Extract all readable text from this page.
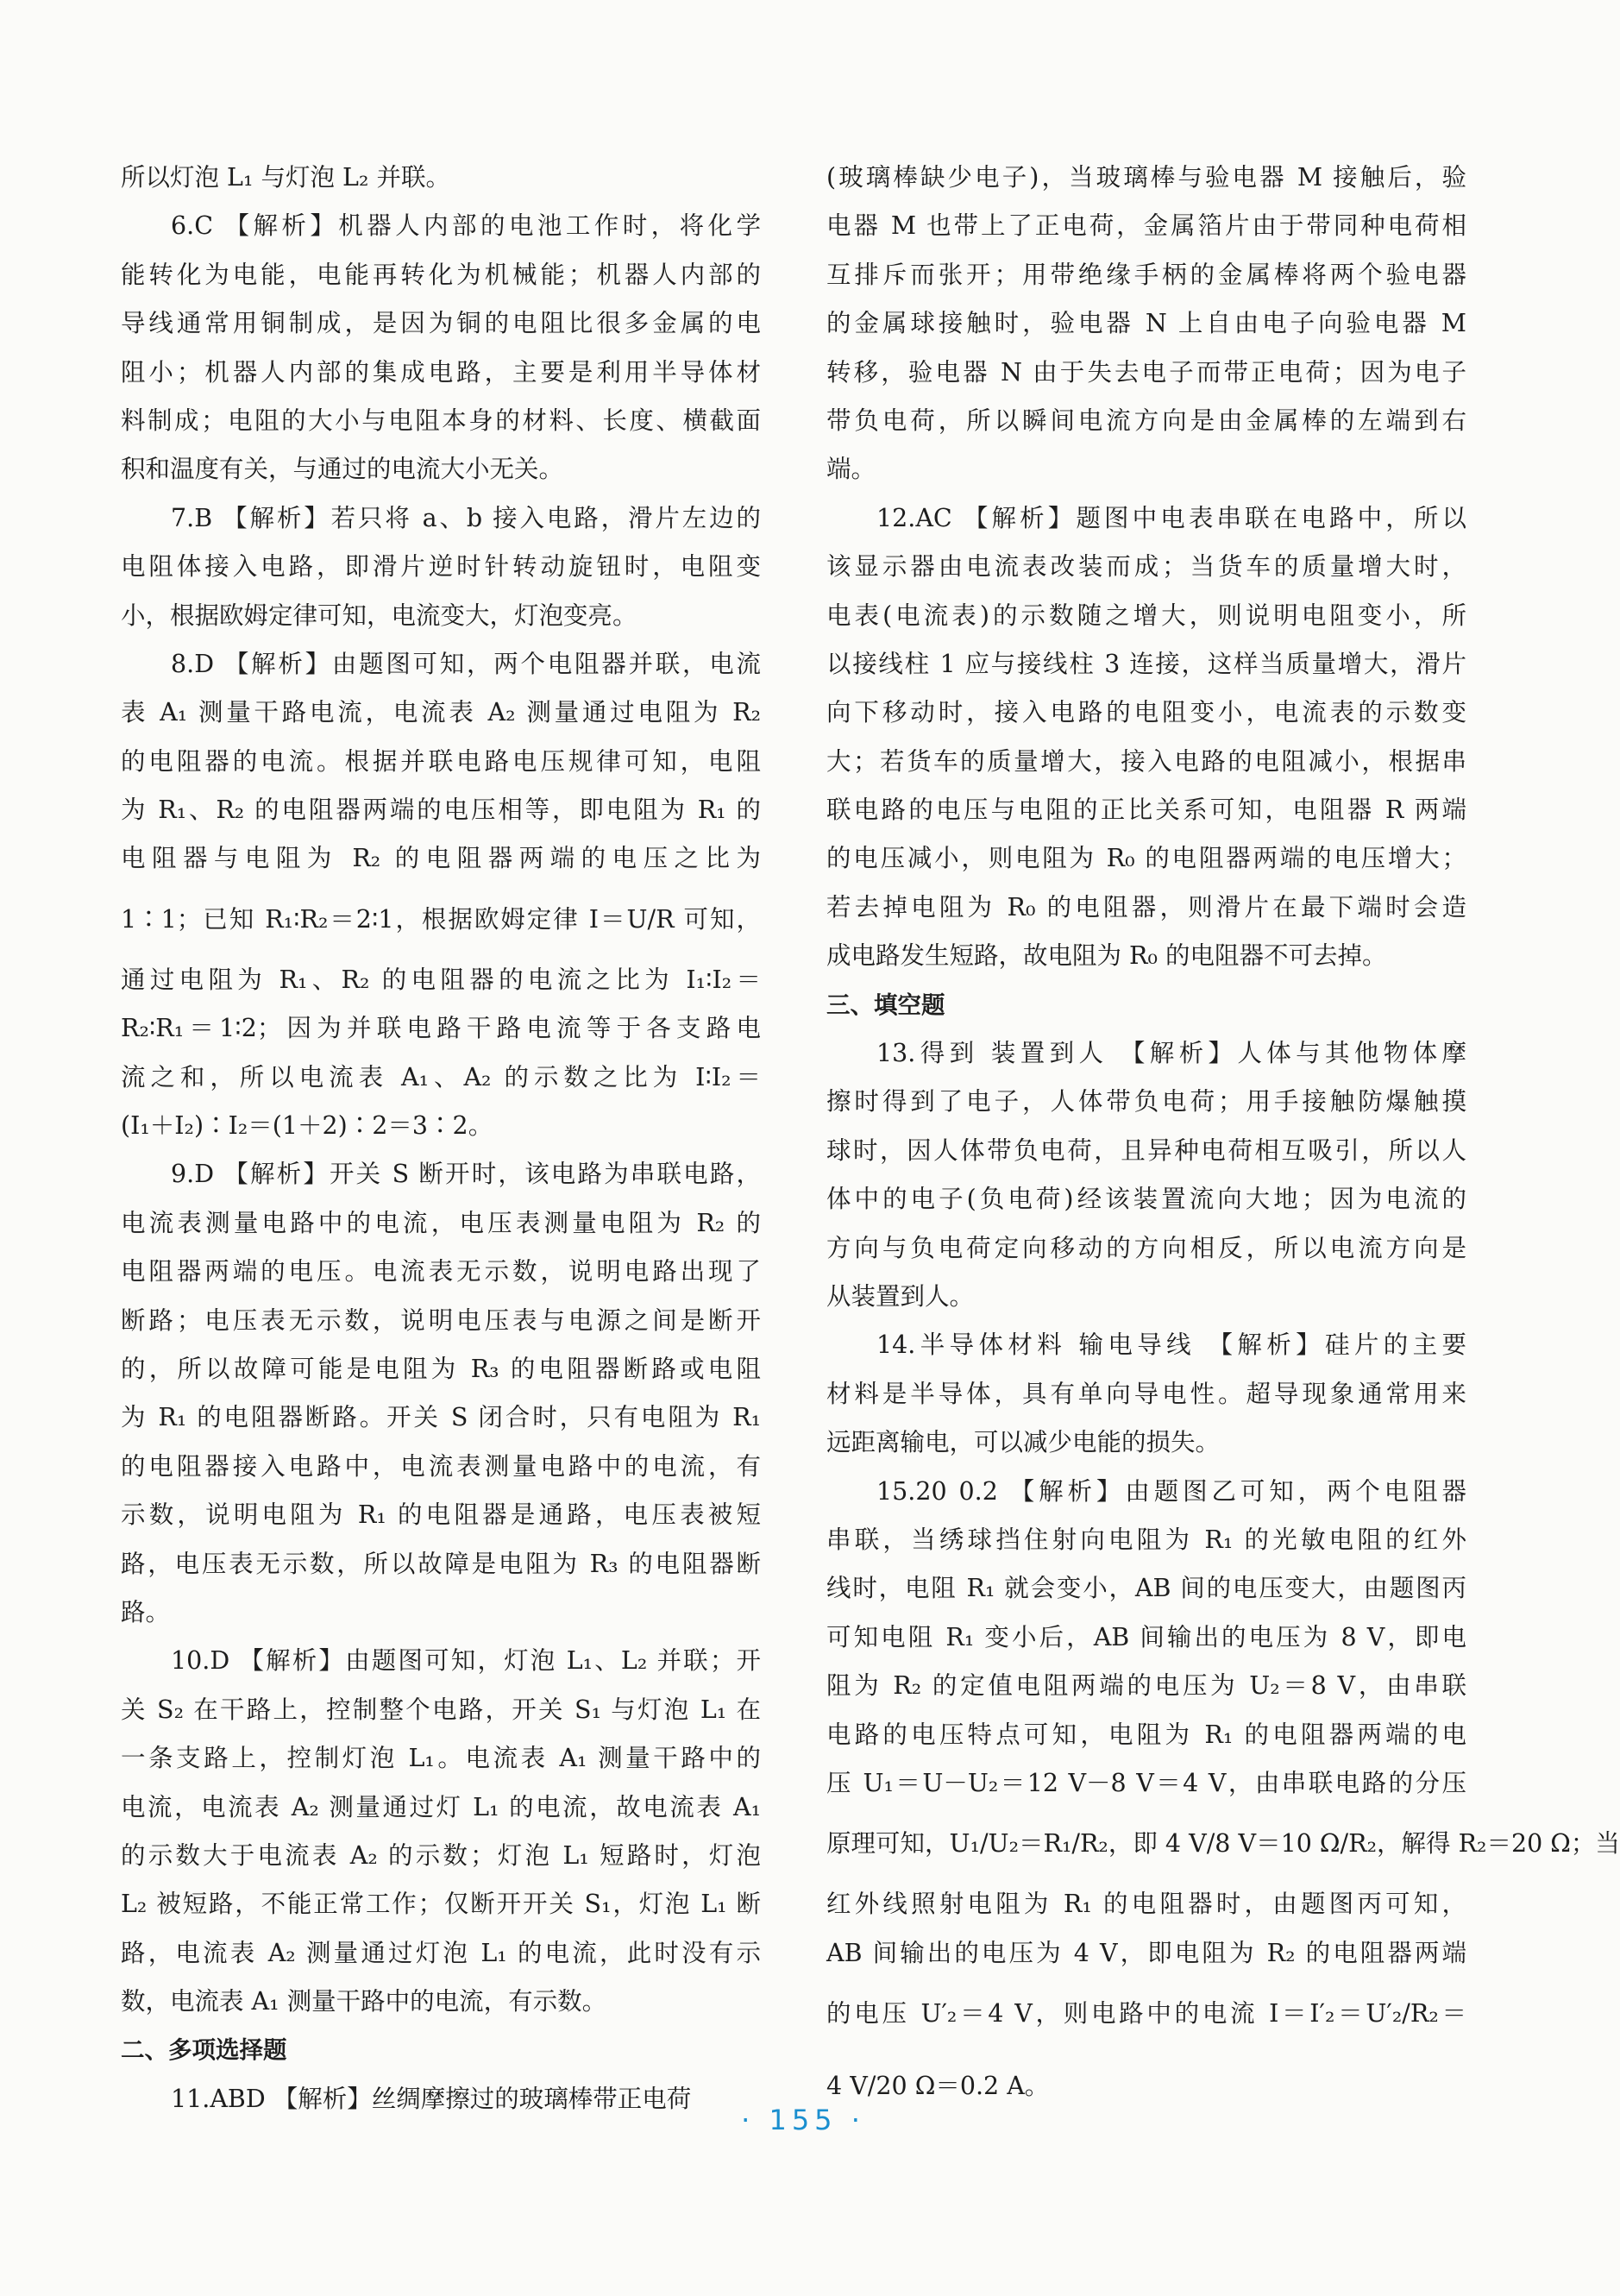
所以灯泡 L₁ 与灯泡 L₂ 并联。
6.C 【解析】机器人内部的电池工作时，将化学
能转化为电能，电能再转化为机械能；机器人内部的
导线通常用铜制成，是因为铜的电阻比很多金属的电
阻小；机器人内部的集成电路，主要是利用半导体材
料制成；电阻的大小与电阻本身的材料、长度、横截面
积和温度有关，与通过的电流大小无关。
7.B 【解析】若只将 a、b 接入电路，滑片左边的
电阻体接入电路，即滑片逆时针转动旋钮时，电阻变
小，根据欧姆定律可知，电流变大，灯泡变亮。
8.D 【解析】由题图可知，两个电阻器并联，电流
表 A₁ 测量干路电流，电流表 A₂ 测量通过电阻为 R₂
的电阻器的电流。根据并联电路电压规律可知，电阻
为 R₁、R₂ 的电阻器两端的电压相等，即电阻为 R₁ 的
电阻器与电阻为 R₂ 的电阻器两端的电压之比为
1∶1；已知 R₁∶R₂＝2∶1，根据欧姆定律 I＝U/R 可知，
通过电阻为 R₁、R₂ 的电阻器的电流之比为 I₁∶I₂＝
R₂∶R₁＝1∶2；因为并联电路干路电流等于各支路电
流之和，所以电流表 A₁、A₂ 的示数之比为 I∶I₂＝
(I₁＋I₂)∶I₂＝(1＋2)∶2＝3∶2。
9.D 【解析】开关 S 断开时，该电路为串联电路，
电流表测量电路中的电流，电压表测量电阻为 R₂ 的
电阻器两端的电压。电流表无示数，说明电路出现了
断路；电压表无示数，说明电压表与电源之间是断开
的，所以故障可能是电阻为 R₃ 的电阻器断路或电阻
为 R₁ 的电阻器断路。开关 S 闭合时，只有电阻为 R₁
的电阻器接入电路中，电流表测量电路中的电流，有
示数，说明电阻为 R₁ 的电阻器是通路，电压表被短
路，电压表无示数，所以故障是电阻为 R₃ 的电阻器断
路。
10.D 【解析】由题图可知，灯泡 L₁、L₂ 并联；开
关 S₂ 在干路上，控制整个电路，开关 S₁ 与灯泡 L₁ 在
一条支路上，控制灯泡 L₁。电流表 A₁ 测量干路中的
电流，电流表 A₂ 测量通过灯 L₁ 的电流，故电流表 A₁
的示数大于电流表 A₂ 的示数；灯泡 L₁ 短路时，灯泡
L₂ 被短路，不能正常工作；仅断开开关 S₁，灯泡 L₁ 断
路，电流表 A₂ 测量通过灯泡 L₁ 的电流，此时没有示
数，电流表 A₁ 测量干路中的电流，有示数。
二、多项选择题
11.ABD 【解析】丝绸摩擦过的玻璃棒带正电荷
(玻璃棒缺少电子)，当玻璃棒与验电器 M 接触后，验
电器 M 也带上了正电荷，金属箔片由于带同种电荷相
互排斥而张开；用带绝缘手柄的金属棒将两个验电器
的金属球接触时，验电器 N 上自由电子向验电器 M
转移，验电器 N 由于失去电子而带正电荷；因为电子
带负电荷，所以瞬间电流方向是由金属棒的左端到右
端。
12.AC 【解析】题图中电表串联在电路中，所以
该显示器由电流表改装而成；当货车的质量增大时，
电表(电流表)的示数随之增大，则说明电阻变小，所
以接线柱 1 应与接线柱 3 连接，这样当质量增大，滑片
向下移动时，接入电路的电阻变小，电流表的示数变
大；若货车的质量增大，接入电路的电阻减小，根据串
联电路的电压与电阻的正比关系可知，电阻器 R 两端
的电压减小，则电阻为 R₀ 的电阻器两端的电压增大；
若去掉电阻为 R₀ 的电阻器，则滑片在最下端时会造
成电路发生短路，故电阻为 R₀ 的电阻器不可去掉。
三、填空题
13.得到 装置到人 【解析】人体与其他物体摩
擦时得到了电子，人体带负电荷；用手接触防爆触摸
球时，因人体带负电荷，且异种电荷相互吸引，所以人
体中的电子(负电荷)经该装置流向大地；因为电流的
方向与负电荷定向移动的方向相反，所以电流方向是
从装置到人。
14.半导体材料 输电导线 【解析】硅片的主要
材料是半导体，具有单向导电性。超导现象通常用来
远距离输电，可以减少电能的损失。
15.20 0.2 【解析】由题图乙可知，两个电阻器
串联，当绣球挡住射向电阻为 R₁ 的光敏电阻的红外
线时，电阻 R₁ 就会变小，AB 间的电压变大，由题图丙
可知电阻 R₁ 变小后，AB 间输出的电压为 8 V，即电
阻为 R₂ 的定值电阻两端的电压为 U₂＝8 V，由串联
电路的电压特点可知，电阻为 R₁ 的电阻器两端的电
压 U₁＝U－U₂＝12 V－8 V＝4 V，由串联电路的分压
原理可知，U₁/U₂＝R₁/R₂，即 4 V/8 V＝10 Ω/R₂，解得 R₂＝20 Ω；当
红外线照射电阻为 R₁ 的电阻器时，由题图丙可知，
AB 间输出的电压为 4 V，即电阻为 R₂ 的电阻器两端
的电压 U′₂＝4 V，则电路中的电流 I＝I′₂＝U′₂/R₂＝
4 V/20 Ω＝0.2 A。
· 155 ·
